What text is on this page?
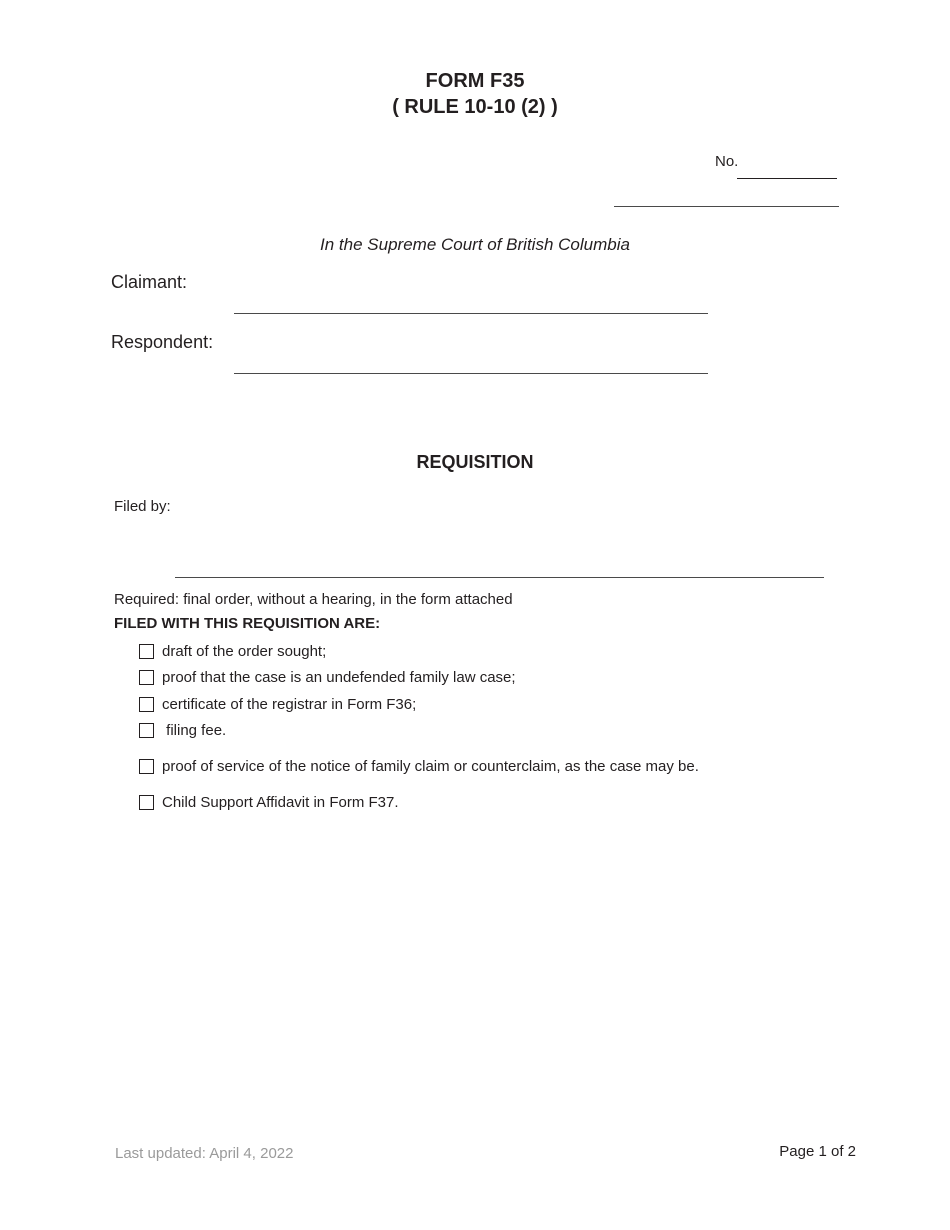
FORM F35
( RULE 10-10 (2) )
No.
In the Supreme Court of British Columbia
Claimant:
Respondent:
REQUISITION
Filed by:
Required: final order, without a hearing, in the form attached
FILED WITH THIS REQUISITION ARE:
draft of the order sought;
proof that the case is an undefended family law case;
certificate of the registrar in Form F36;
filing fee.
proof of service of the notice of family claim or counterclaim, as the case may be.
Child Support Affidavit in Form F37.
Last updated: April 4, 2022	Page 1 of 2
